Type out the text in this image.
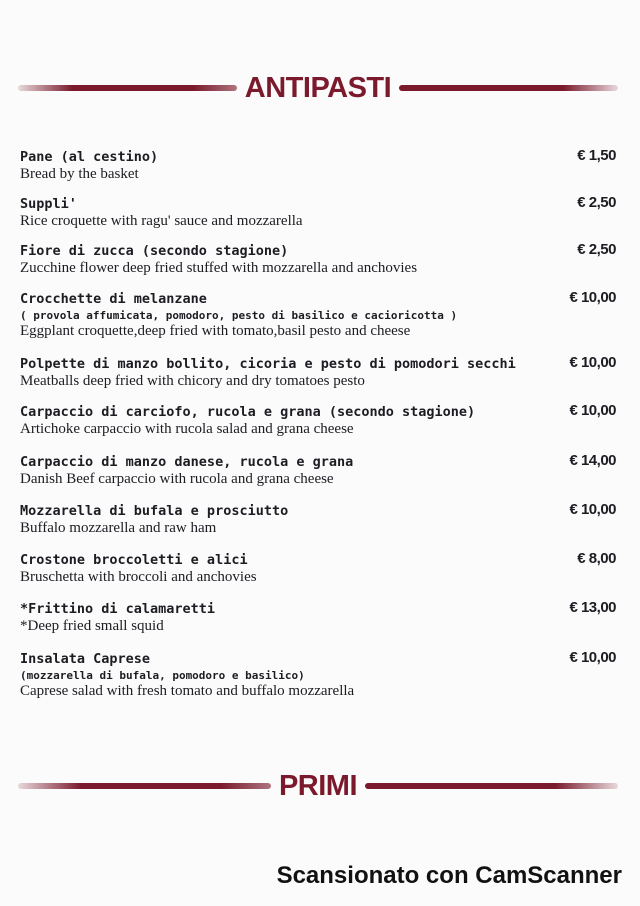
ANTIPASTI
Pane (al cestino)
Bread by the basket
€ 1,50
Suppli'
Rice croquette with ragu' sauce and mozzarella
€ 2,50
Fiore di zucca (secondo stagione)
Zucchine flower deep fried stuffed with mozzarella and anchovies
€ 2,50
Crocchette di melanzane
( provola affumicata, pomodoro, pesto di basilico e cacioricotta )
Eggplant croquette,deep fried with tomato,basil pesto and cheese
€ 10,00
Polpette di manzo bollito, cicoria e pesto di pomodori secchi
Meatballs deep fried with chicory and dry tomatoes pesto
€ 10,00
Carpaccio di carciofo, rucola e grana (secondo stagione)
Artichoke carpaccio with rucola salad and grana cheese
€ 10,00
Carpaccio di manzo danese, rucola e grana
Danish Beef carpaccio with rucola and grana cheese
€ 14,00
Mozzarella di bufala e prosciutto
Buffalo mozzarella and raw ham
€ 10,00
Crostone broccoletti e alici
Bruschetta with broccoli and anchovies
€ 8,00
*Frittino di calamaretti
*Deep fried small squid
€ 13,00
Insalata Caprese
(mozzarella di bufala, pomodoro e basilico)
Caprese salad with fresh tomato and buffalo mozzarella
€ 10,00
PRIMI
Scansionato con CamScanner
